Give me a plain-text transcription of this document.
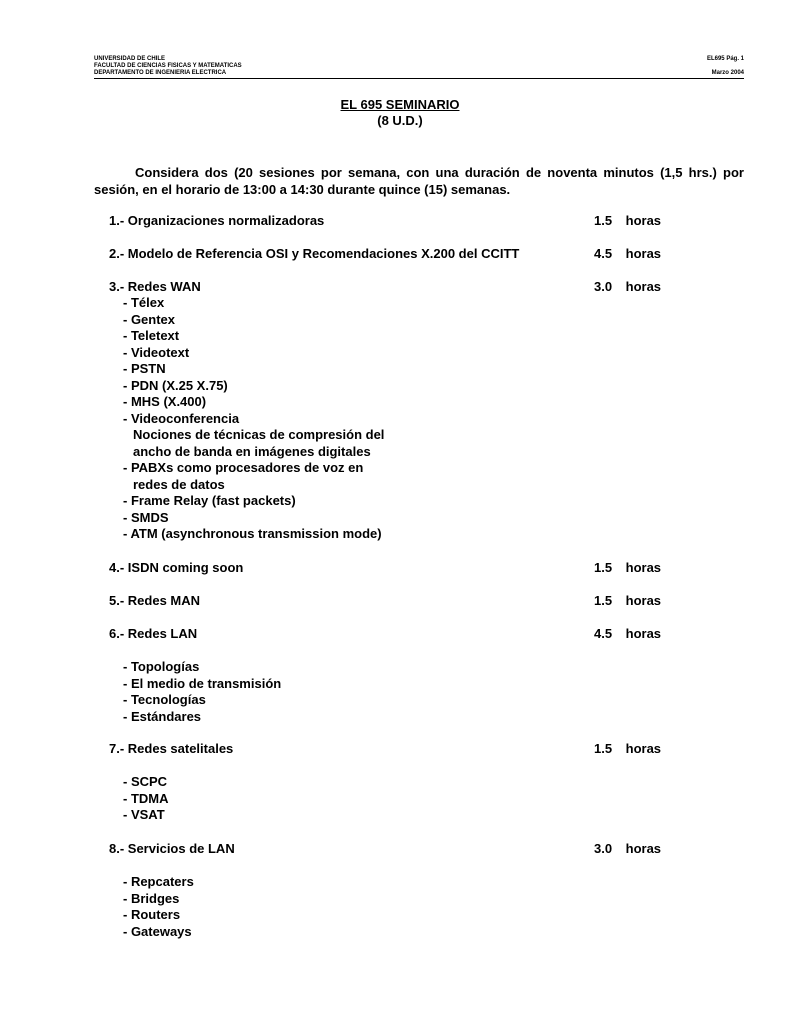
UNIVERSIDAD DE CHILE
FACULTAD DE CIENCIAS FISICAS Y MATEMATICAS
DEPARTAMENTO DE INGENIERIA ELECTRICA
EL695 Pág. 1
Marzo 2004
EL 695 SEMINARIO
(8 U.D.)
Considera dos (20 sesiones por semana, con una duración de noventa minutos (1,5 hrs.) por sesión, en el horario de 13:00 a 14:30 durante quince (15) semanas.
1.- Organizaciones normalizadoras	1.5 horas
2.- Modelo de Referencia OSI y Recomendaciones X.200 del CCITT	4.5 horas
3.- Redes WAN	3.0 horas
- Télex
- Gentex
- Teletext
- Videotext
- PSTN
- PDN (X.25 X.75)
- MHS (X.400)
- Videoconferencia
Nociones de técnicas de compresión del
ancho de banda en imágenes digitales
- PABXs como procesadores de voz en
redes de datos
- Frame Relay (fast packets)
- SMDS
- ATM (asynchronous transmission mode)
4.- ISDN coming soon	1.5 horas
5.- Redes MAN	1.5 horas
6.- Redes LAN	4.5 horas
- Topologías
- El medio de transmisión
- Tecnologías
- Estándares
7.- Redes satelitales	1.5 horas
- SCPC
- TDMA
- VSAT
8.- Servicios de LAN	3.0 horas
- Repcaters
- Bridges
- Routers
- Gateways
